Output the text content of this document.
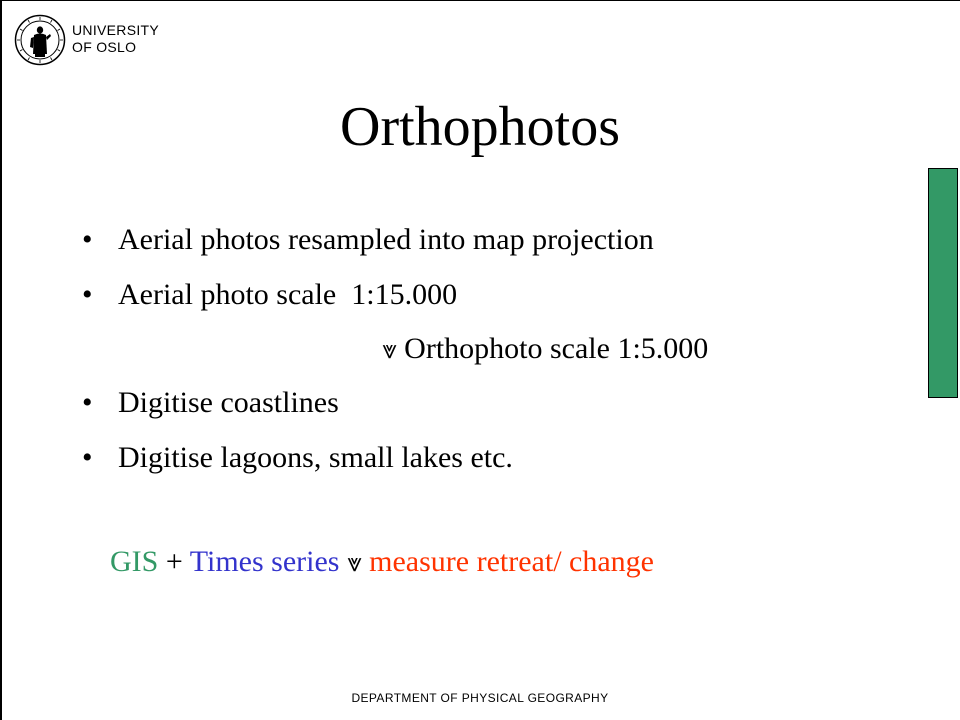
UNIVERSITY
OF OSLO
Orthophotos
• Aerial photos resampled into map projection
• Aerial photo scale  1:15.000
• Digitise coastlines
• Digitise lagoons, small lakes etc.
⩔ Orthophoto scale 1:5.000
GIS + Times series ⩔ measure retreat/ change
DEPARTMENT OF PHYSICAL GEOGRAPHY
